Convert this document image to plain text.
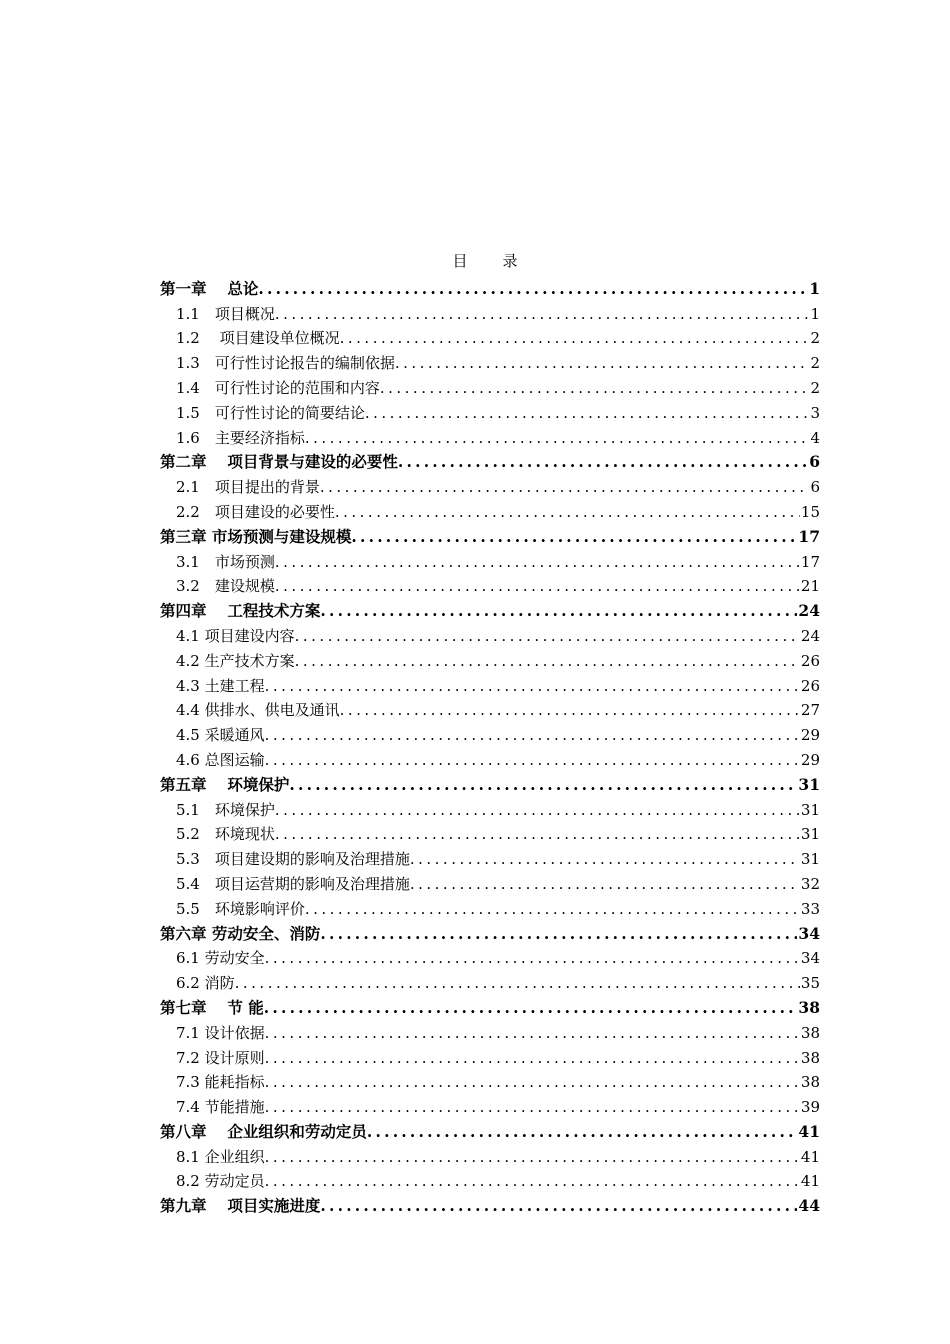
目　录
第一章　 总论 .....	1
1.1　项目概况 .....	1
1.2　 项目建设单位概况 .....	2
1.3　可行性讨论报告的编制依据 .....	2
1.4　可行性讨论的范围和内容 .....	2
1.5　可行性讨论的简要结论 .....	3
1.6　主要经济指标 .....	4
第二章　 项目背景与建设的必要性 .....	6
2.1　项目提出的背景 .....	6
2.2　项目建设的必要性 .....	15
第三章 市场预测与建设规模 .....	17
3.1　市场预测 .....	17
3.2　建设规模 .....	21
第四章　 工程技术方案 .....	24
4.1 项目建设内容 .....	24
4.2 生产技术方案 .....	26
4.3 土建工程 .....	26
4.4 供排水、供电及通讯 .....	27
4.5 采暖通风 .....	29
4.6 总图运输 .....	29
第五章　 环境保护 .....	31
5.1　环境保护 .....	31
5.2　环境现状 .....	31
5.3　项目建设期的影响及治理措施 .....	31
5.4　项目运营期的影响及治理措施 .....	32
5.5　环境影响评价 .....	33
第六章 劳动安全、消防 .....	34
6.1 劳动安全 .....	34
6.2 消防 .....	35
第七章　 节 能 .....	38
7.1 设计依据 .....	38
7.2 设计原则 .....	38
7.3 能耗指标 .....	38
7.4 节能措施 .....	39
第八章　 企业组织和劳动定员 .....	41
8.1 企业组织 .....	41
8.2 劳动定员 .....	41
第九章　 项目实施进度 .....	44
